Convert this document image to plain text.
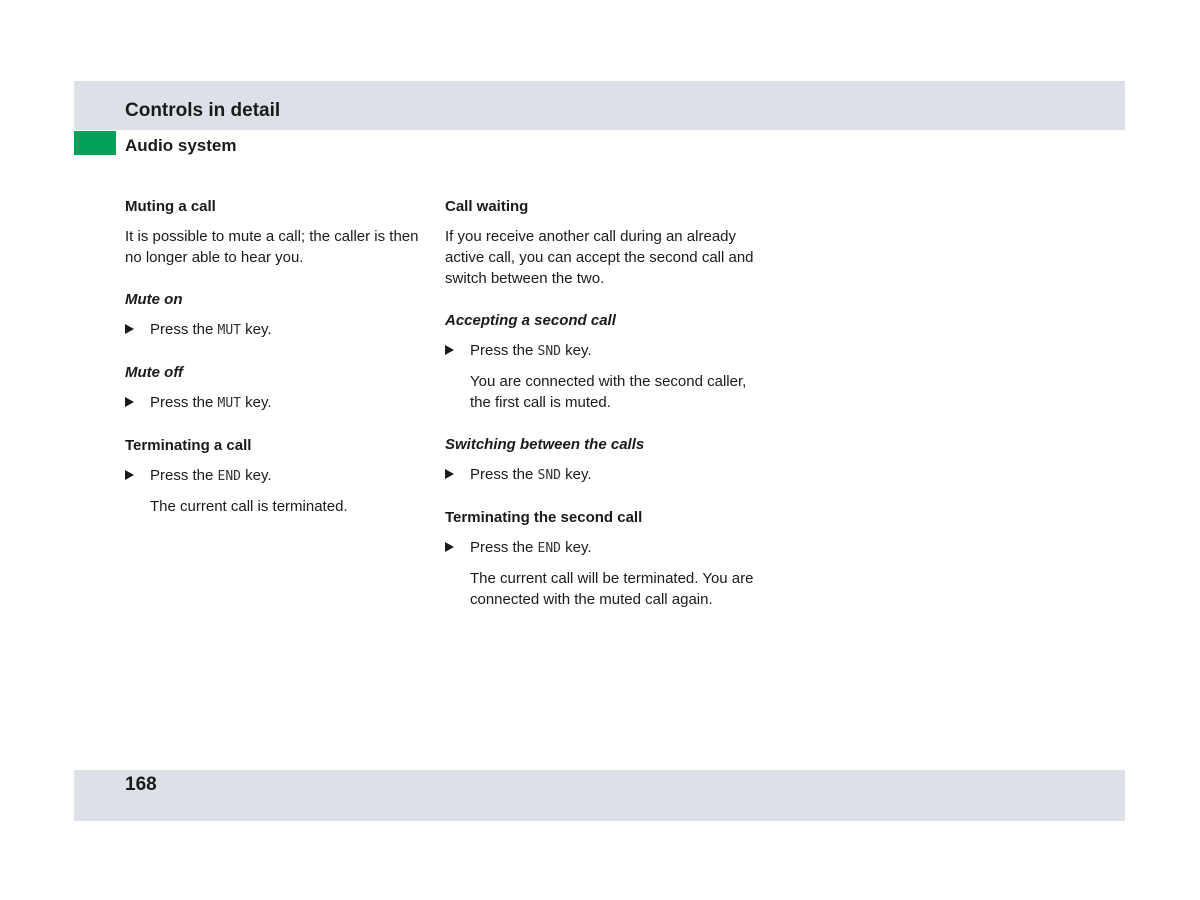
Controls in detail
Audio system
Muting a call
It is possible to mute a call; the caller is then no longer able to hear you.
Mute on
Press the MUT key.
Mute off
Press the MUT key.
Terminating a call
Press the END key.
The current call is terminated.
Call waiting
If you receive another call during an already active call, you can accept the second call and switch between the two.
Accepting a second call
Press the SND key.
You are connected with the second caller, the first call is muted.
Switching between the calls
Press the SND key.
Terminating the second call
Press the END key.
The current call will be terminated. You are connected with the muted call again.
168
